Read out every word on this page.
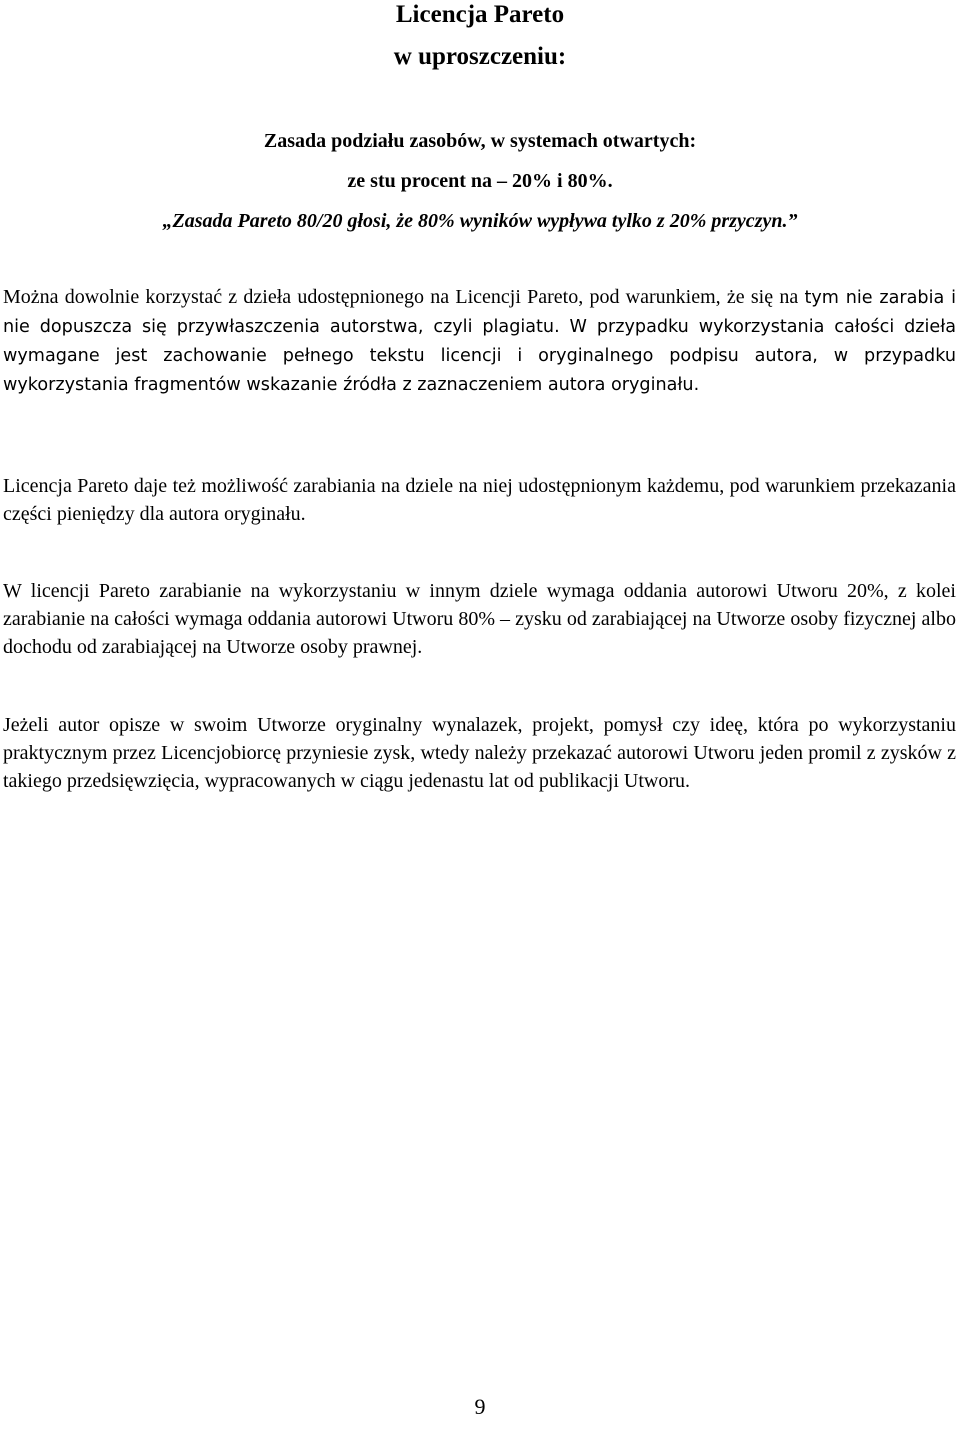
Licencja Pareto
w uproszczeniu:

Zasada podziału zasobów, w systemach otwartych:

ze stu procent na – 20% i 80%.

„Zasada Pareto 80/20 głosi, że 80% wyników wypływa tylko z 20% przyczyn.”

Można dowolnie korzystać z dzieła udostępnionego na Licencji Pareto, pod warunkiem, że się na tym nie zarabia i nie dopuszcza się przywłaszczenia autorstwa, czyli plagiatu. W przypadku wykorzystania całości dzieła wymagane jest zachowanie pełnego tekstu licencji i oryginalnego podpisu autora, w przypadku wykorzystania fragmentów wskazanie źródła z zaznaczeniem autora oryginału.

Licencja Pareto daje też możliwość zarabiania na dziele na niej udostępnionym każdemu, pod warunkiem przekazania części pieniędzy dla autora oryginału.

W licencji Pareto zarabianie na wykorzystaniu w innym dziele wymaga oddania autorowi Utworu 20%, z kolei zarabianie na całości wymaga oddania autorowi Utworu 80% – zysku od zarabiającej na Utworze osoby fizycznej albo dochodu od zarabiającej na Utworze osoby prawnej.

Jeżeli autor opisze w swoim Utworze oryginalny wynalazek, projekt, pomysł czy ideę, która po wykorzystaniu praktycznym przez Licencjobiorcę przyniesie zysk, wtedy należy przekazać autorowi Utworu jeden promil z zysków z takiego przedsięwzięcia, wypracowanych w ciągu jedenastu lat od publikacji Utworu.

9
